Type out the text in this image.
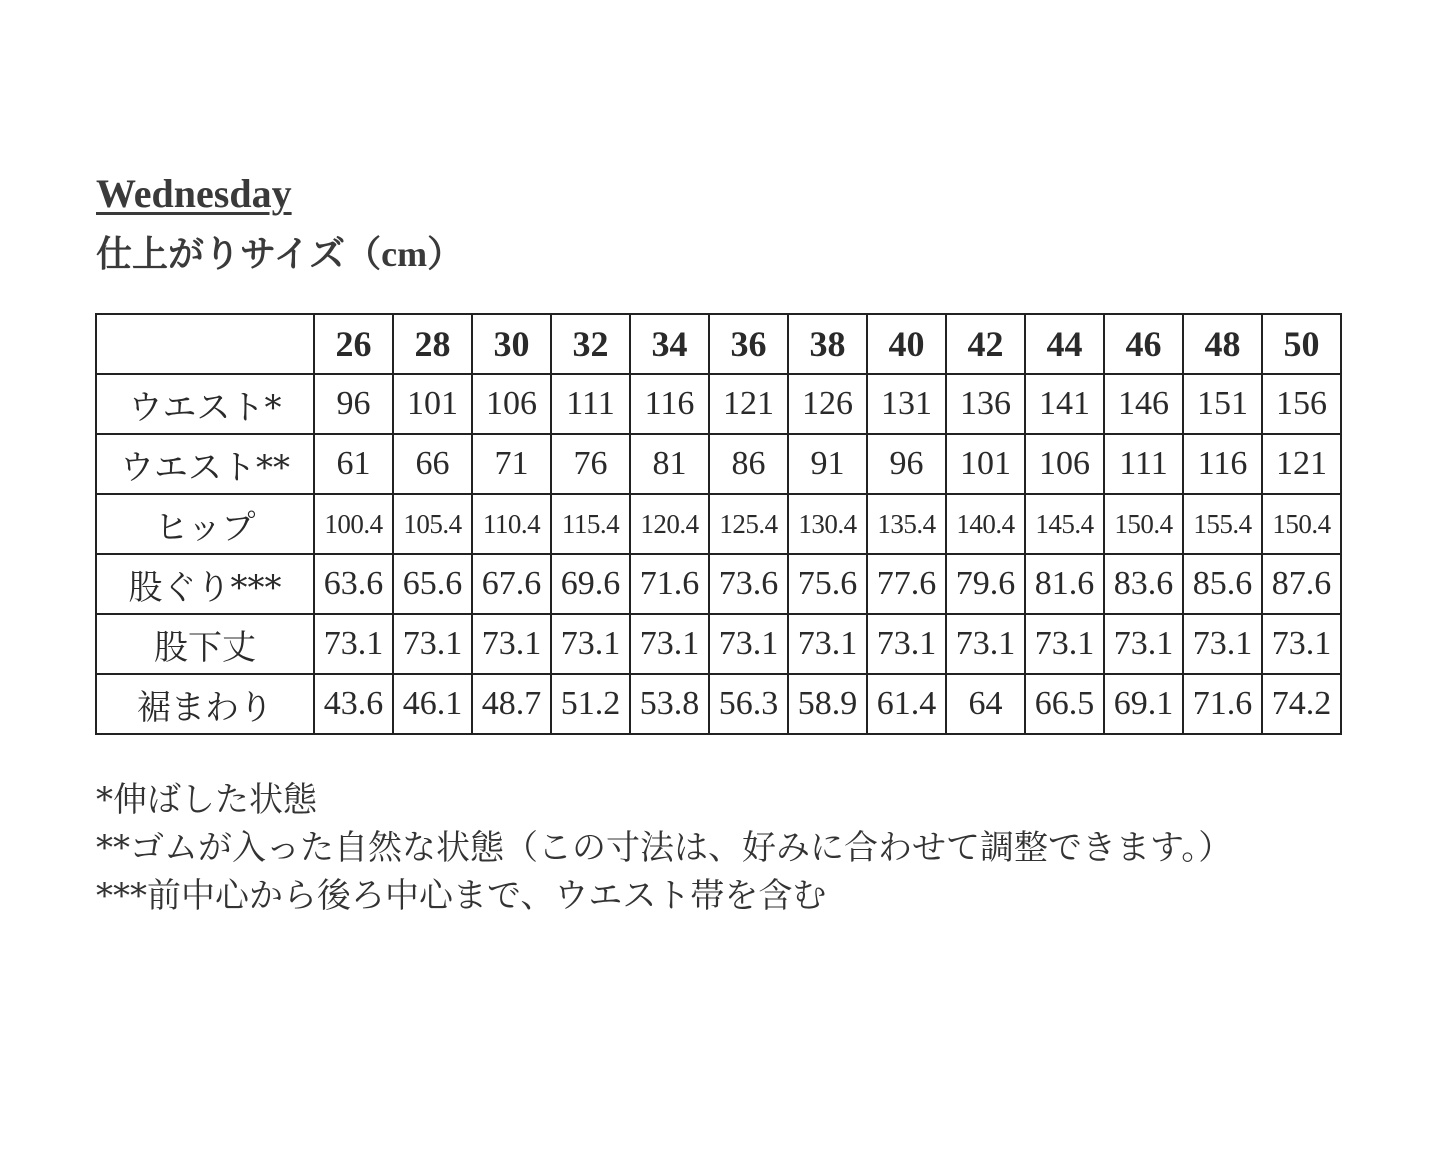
Wednesday
仕上がりサイズ（cm）
	26	28	30	32	34	36	38	40	42	44	46	48	50
ウエスト*	96	101	106	111	116	121	126	131	136	141	146	151	156
ウエスト**	61	66	71	76	81	86	91	96	101	106	111	116	121
ヒップ	100.4	105.4	110.4	115.4	120.4	125.4	130.4	135.4	140.4	145.4	150.4	155.4	150.4
股ぐり***	63.6	65.6	67.6	69.6	71.6	73.6	75.6	77.6	79.6	81.6	83.6	85.6	87.6
股下丈	73.1	73.1	73.1	73.1	73.1	73.1	73.1	73.1	73.1	73.1	73.1	73.1	73.1
裾まわり	43.6	46.1	48.7	51.2	53.8	56.3	58.9	61.4	64	66.5	69.1	71.6	74.2
*伸ばした状態
**ゴムが入った自然な状態（この寸法は、好みに合わせて調整できます。）
***前中心から後ろ中心まで、ウエスト帯を含む
